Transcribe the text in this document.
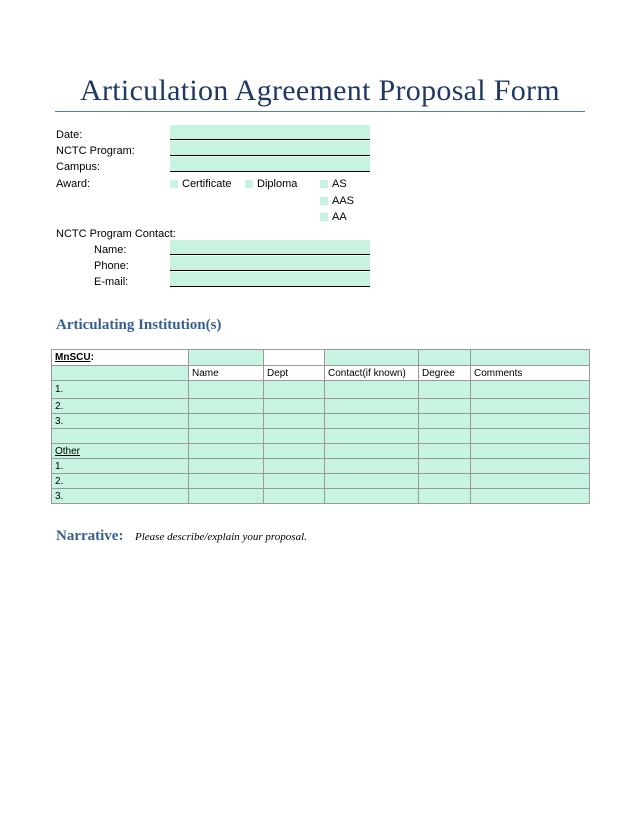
Articulation Agreement Proposal Form
Date:
NCTC Program:
Campus:
Award:	Certificate Diploma	AS
AAS
AA
NCTC Program Contact:
Name:
Phone:
E-mail:
Articulating Institution(s)
MnSCU:					
	Name	Dept	Contact(if known)	Degree	Comments
1.					
2.					
3.					

Other					
1.					
2.					
3.					
Narrative: Please describe/explain your proposal.
